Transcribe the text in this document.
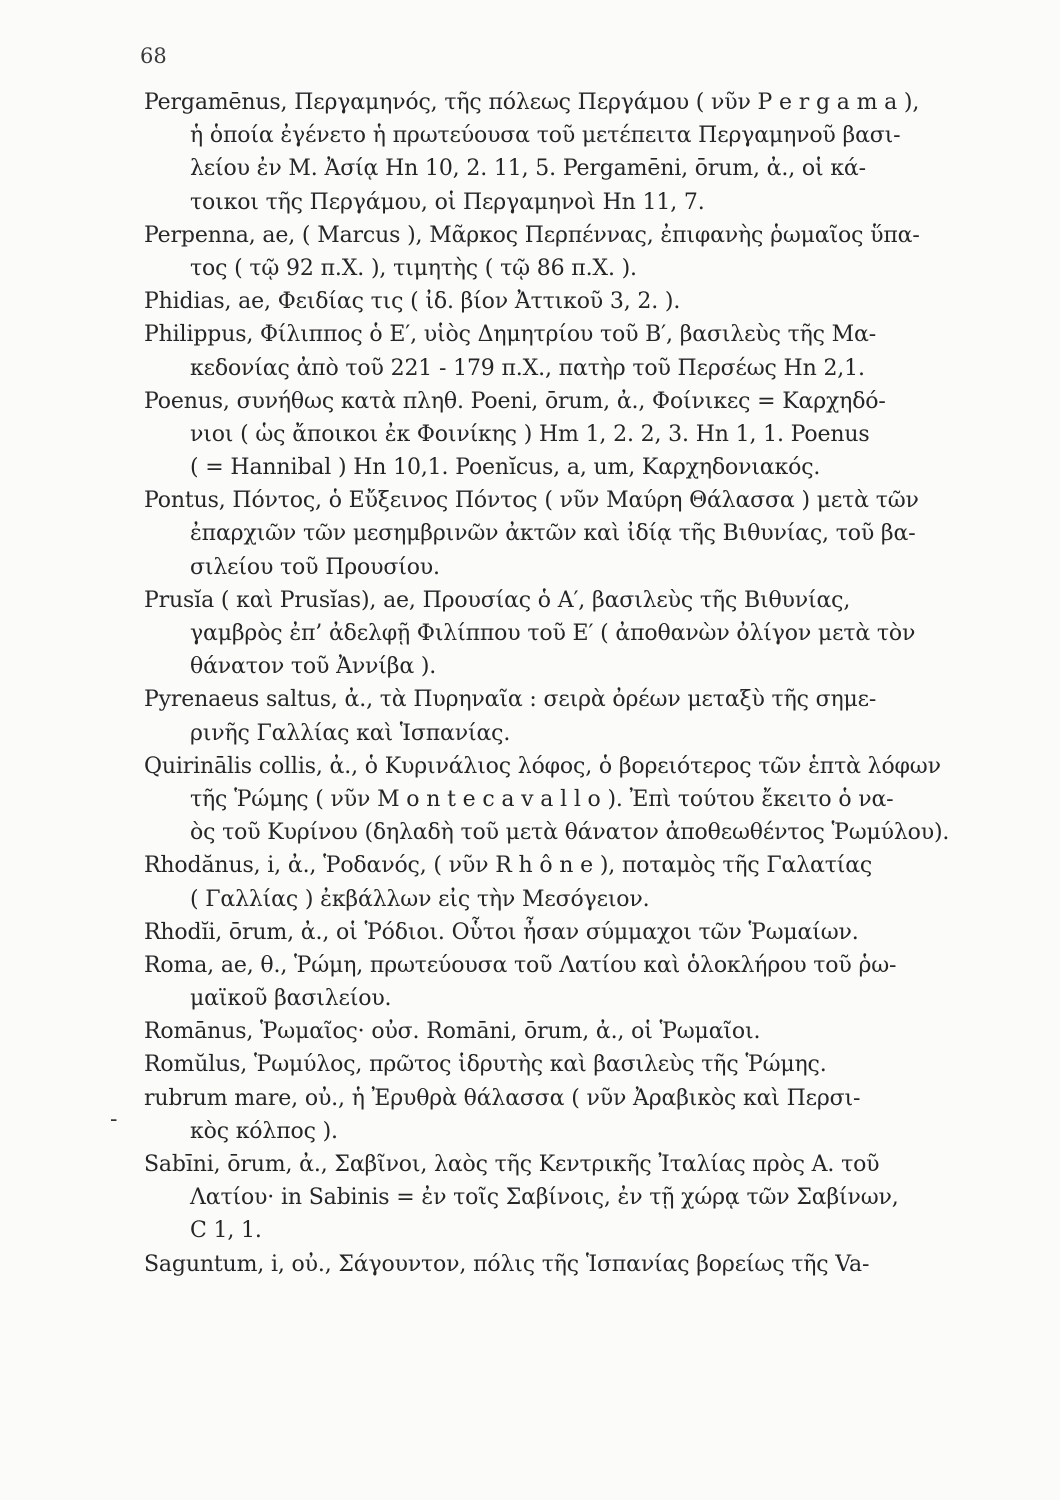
68
-
Pergamēnus, Περγαμηνός, τῆς πόλεως Περγάμου ( νῦν P e r g a m a ),
ἡ ὁποία ἐγένετο ἡ πρωτεύουσα τοῦ μετέπειτα Περγαμηνοῦ βασι-
λείου ἐν Μ. Ἀσίᾳ Hn 10, 2. 11, 5. Pergamēni, ōrum, ἀ., οἱ κά-
τοικοι τῆς Περγάμου, οἱ Περγαμηνοὶ Hn 11, 7.
Perpenna, ae, ( Marcus ), Μᾶρκος Περπέννας, ἐπιφανὴς ῥωμαῖος ὕπα-
τος ( τῷ 92 π.Χ. ), τιμητὴς ( τῷ 86 π.Χ. ).
Phidias, ae, Φειδίας τις ( ἰδ. βίον Ἀττικοῦ 3, 2. ).
Philippus, Φίλιππος ὁ Ε′, υἱὸς Δημητρίου τοῦ Β′, βασιλεὺς τῆς Μα-
κεδονίας ἀπὸ τοῦ 221 - 179 π.Χ., πατὴρ τοῦ Περσέως Hn 2,1.
Poenus, συνήθως κατὰ πληθ. Poeni, ōrum, ἀ., Φοίνικες = Καρχηδό-
νιοι ( ὡς ἄποικοι ἐκ Φοινίκης ) Hm 1, 2. 2, 3. Hn 1, 1. Poenus
( = Hannibal ) Hn 10,1. Poenĭcus, a, um, Καρχηδονιακός.
Pontus, Πόντος, ὁ Εὔξεινος Πόντος ( νῦν Μαύρη Θάλασσα ) μετὰ τῶν
ἐπαρχιῶν τῶν μεσημβρινῶν ἀκτῶν καὶ ἰδίᾳ τῆς Βιθυνίας, τοῦ βα-
σιλείου τοῦ Προυσίου.
Prusĭa ( καὶ Prusĭas), ae, Προυσίας ὁ Α′, βασιλεὺς τῆς Βιθυνίας,
γαμβρὸς ἐπ’ ἀδελφῇ Φιλίππου τοῦ Ε′ ( ἀποθανὼν ὀλίγον μετὰ τὸν
θάνατον τοῦ Ἀννίβα ).
Pyrenaeus saltus, ἀ., τὰ Πυρηναῖα : σειρὰ ὀρέων μεταξὺ τῆς σημε-
ρινῆς Γαλλίας καὶ Ἱσπανίας.
Quirinālis collis, ἀ., ὁ Κυρινάλιος λόφος, ὁ βορειότερος τῶν ἑπτὰ λόφων
τῆς Ῥώμης ( νῦν M o n t e c a v a l l o ). Ἐπὶ τούτου ἔκειτο ὁ να-
ὸς τοῦ Κυρίνου (δηλαδὴ τοῦ μετὰ θάνατον ἀποθεωθέντος Ῥωμύλου).
Rhodănus, i, ἀ., Ῥοδανός, ( νῦν R h ô n e ), ποταμὸς τῆς Γαλατίας
( Γαλλίας ) ἐκβάλλων εἰς τὴν Μεσόγειον.
Rhodĭi, ōrum, ἀ., οἱ Ῥόδιοι. Οὗτοι ἦσαν σύμμαχοι τῶν Ῥωμαίων.
Roma, ae, θ., Ῥώμη, πρωτεύουσα τοῦ Λατίου καὶ ὁλοκλήρου τοῦ ῥω-
μαϊκοῦ βασιλείου.
Romānus, Ῥωμαῖος· οὐσ. Romāni, ōrum, ἀ., οἱ Ῥωμαῖοι.
Romŭlus, Ῥωμύλος, πρῶτος ἱδρυτὴς καὶ βασιλεὺς τῆς Ῥώμης.
rubrum mare, οὐ., ἡ Ἐρυθρὰ θάλασσα ( νῦν Ἀραβικὸς καὶ Περσι-
κὸς κόλπος ).
Sabīni, ōrum, ἀ., Σαβῖνοι, λαὸς τῆς Κεντρικῆς Ἰταλίας πρὸς Α. τοῦ
Λατίου· in Sabinis = ἐν τοῖς Σαβίνοις, ἐν τῇ χώρᾳ τῶν Σαβίνων,
C 1, 1.
Saguntum, i, οὐ., Σάγουντον, πόλις τῆς Ἱσπανίας βορείως τῆς Va-
